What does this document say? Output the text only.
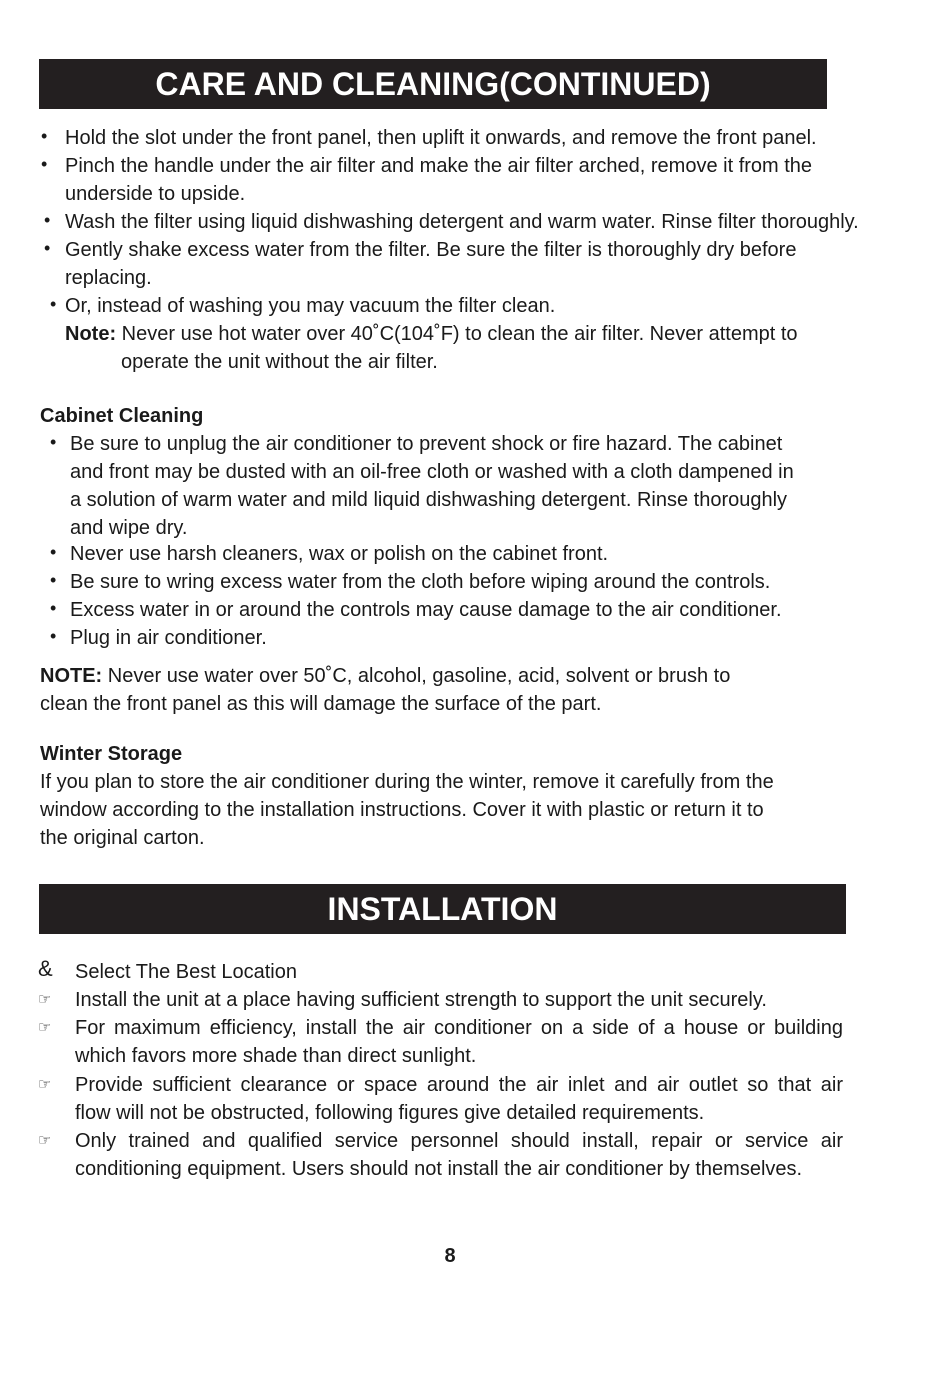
CARE AND CLEANING(CONTINUED)
• Hold the slot under the front panel, then uplift it onwards, and remove the front panel.
• Pinch the handle under the air filter and make the air filter arched, remove it from the
underside to upside.
• Wash the filter using liquid dishwashing detergent and warm water. Rinse filter thoroughly.
• Gently shake excess water from the filter. Be sure the filter is thoroughly dry before
replacing.
• Or, instead of washing you may vacuum the filter clean.
Note: Never use hot water over 40˚C(104˚F) to clean the air filter. Never attempt to
operate the unit without the air filter.
Cabinet Cleaning
• Be sure to unplug the air conditioner to prevent shock or fire hazard. The cabinet
and front may be dusted with an oil-free cloth or washed with a cloth dampened in
a solution of warm water and mild liquid dishwashing detergent. Rinse thoroughly
and wipe dry.
• Never use harsh cleaners, wax or polish on the cabinet front.
• Be sure to wring excess water from the cloth before wiping around the controls.
• Excess water in or around the controls may cause damage to the air conditioner.
• Plug in air conditioner.
NOTE: Never use water over 50˚C, alcohol, gasoline, acid, solvent or brush to
clean the front panel as this will damage the surface of the part.
Winter Storage
If you plan to store the air conditioner during the winter, remove it carefully from the
window according to the installation instructions. Cover it with plastic or return it to
the original carton.
INSTALLATION
& Select The Best Location
☞ Install the unit at a place having sufficient strength to support the unit securely.
☞ For maximum efficiency, install the air conditioner on a side of a house or building
which favors more shade than direct sunlight.
☞ Provide sufficient clearance or space around the air inlet and air outlet so that air
flow will not be obstructed, following figures give detailed requirements.
☞ Only trained and qualified service personnel should install, repair or service air
conditioning equipment. Users should not install the air conditioner by themselves.
8
